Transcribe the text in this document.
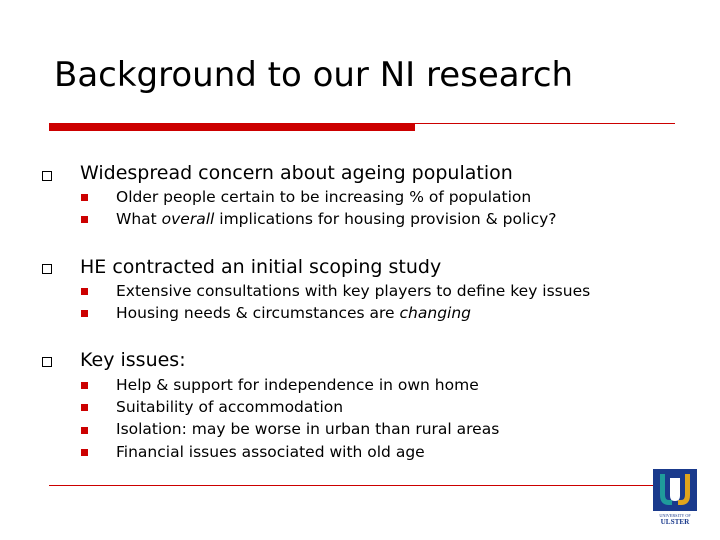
Background to our NI research
Widespread concern about ageing population
Older people certain to be increasing % of population
What overall implications for housing provision & policy?
HE contracted an initial scoping study
Extensive consultations with key players to define key issues
Housing needs & circumstances are changing
Key issues:
Help & support for independence in own home
Suitability of accommodation
Isolation: may be worse in urban than rural areas
Financial issues associated with old age
UNIVERSITY OF
ULSTER
